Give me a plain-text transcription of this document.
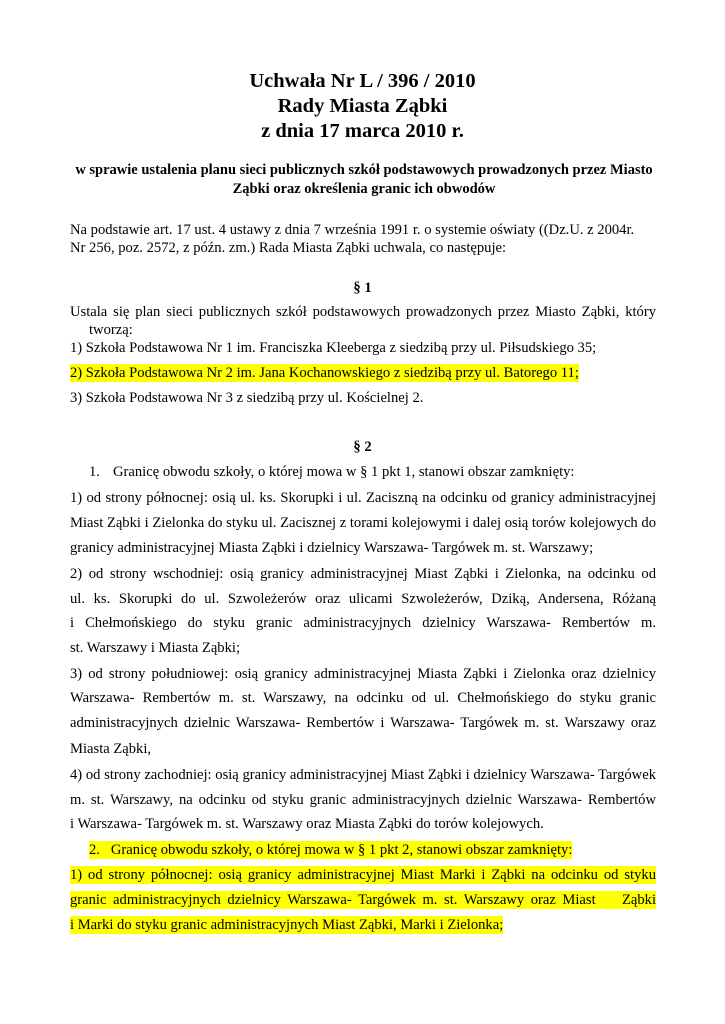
Uchwała Nr L / 396 / 2010
Rady Miasta Ząbki
z dnia 17 marca 2010 r.
w sprawie ustalenia planu sieci publicznych szkół podstawowych prowadzonych przez Miasto
Ząbki oraz określenia granic ich obwodów
Na podstawie art. 17 ust. 4 ustawy z dnia 7 września 1991 r. o systemie oświaty ((Dz.U. z 2004r.
Nr 256, poz. 2572, z późn. zm.) Rada Miasta Ząbki uchwala, co następuje:
§ 1
Ustala się plan sieci publicznych szkół podstawowych prowadzonych przez Miasto Ząbki, który
tworzą:
1) Szkoła Podstawowa Nr 1 im. Franciszka Kleeberga z siedzibą przy ul. Piłsudskiego 35;
2) Szkoła Podstawowa Nr 2 im. Jana Kochanowskiego z siedzibą przy ul. Batorego 11;
3) Szkoła Podstawowa Nr 3 z siedzibą przy ul. Kościelnej 2.
§ 2
1. Granicę obwodu szkoły, o której mowa w § 1 pkt 1, stanowi obszar zamknięty:
1) od strony północnej: osią ul. ks. Skorupki i ul. Zaciszną na odcinku od granicy administracyjnej
Miast Ząbki i Zielonka do styku ul. Zacisznej z torami kolejowymi i dalej osią torów kolejowych do
granicy administracyjnej Miasta Ząbki i dzielnicy Warszawa- Targówek m. st. Warszawy;
2) od strony wschodniej: osią granicy administracyjnej Miast Ząbki i Zielonka, na odcinku od
ul. ks. Skorupki do ul. Szwoleżerów oraz ulicami Szwoleżerów, Dziką, Andersena, Różaną
i Chełmońskiego do styku granic administracyjnych dzielnicy Warszawa- Rembertów m.
st. Warszawy i Miasta Ząbki;
3) od strony południowej: osią granicy administracyjnej Miasta Ząbki i Zielonka oraz dzielnicy
Warszawa- Rembertów m. st. Warszawy, na odcinku od ul. Chełmońskiego do styku granic
administracyjnych dzielnic Warszawa- Rembertów i Warszawa- Targówek m. st. Warszawy oraz
Miasta Ząbki,
4) od strony zachodniej: osią granicy administracyjnej Miast Ząbki i dzielnicy Warszawa- Targówek
m. st. Warszawy, na odcinku od styku granic administracyjnych dzielnic Warszawa- Rembertów
i Warszawa- Targówek m. st. Warszawy oraz Miasta Ząbki do torów kolejowych.
2.   Granicę obwodu szkoły, o której mowa w § 1 pkt 2, stanowi obszar zamknięty:
1) od strony północnej: osią granicy administracyjnej Miast Marki i Ząbki na odcinku od styku
granic administracyjnych dzielnicy Warszawa- Targówek m. st. Warszawy oraz Miast    Ząbki
i Marki do styku granic administracyjnych Miast Ząbki, Marki i Zielonka;
